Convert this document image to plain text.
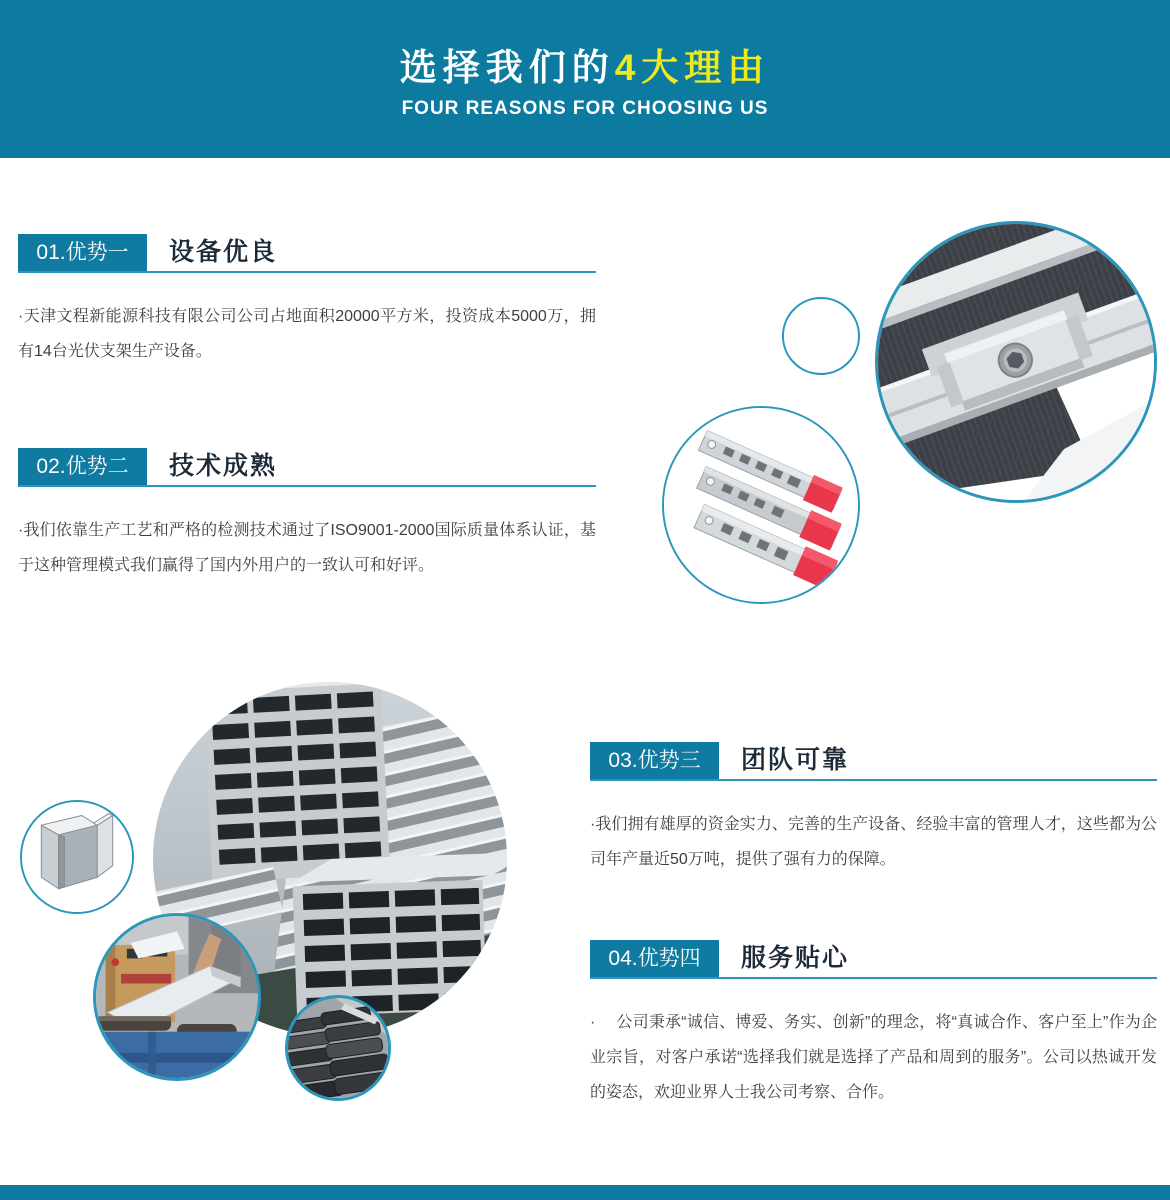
选择我们的4大理由
FOUR REASONS FOR CHOOSING US
01.优势一	设备优良

·天津文程新能源科技有限公司公司占地面积20000平方米，投资成本5000万，拥有14台光伏支架生产设备。

02.优势二	技术成熟

·我们依靠生产工艺和严格的检测技术通过了ISO9001-2000国际质量体系认证，基于这种管理模式我们赢得了国内外用户的一致认可和好评。

03.优势三	团队可靠

·我们拥有雄厚的资金实力、完善的生产设备、经验丰富的管理人才，这些都为公司年产量近50万吨，提供了强有力的保障。

04.优势四	服务贴心

·　 公司秉承“诚信、博爱、务实、创新”的理念，将“真诚合作、客户至上”作为企业宗旨，对客户承诺“选择我们就是选择了产品和周到的服务”。公司以热诚开发的姿态，欢迎业界人士我公司考察、合作。
